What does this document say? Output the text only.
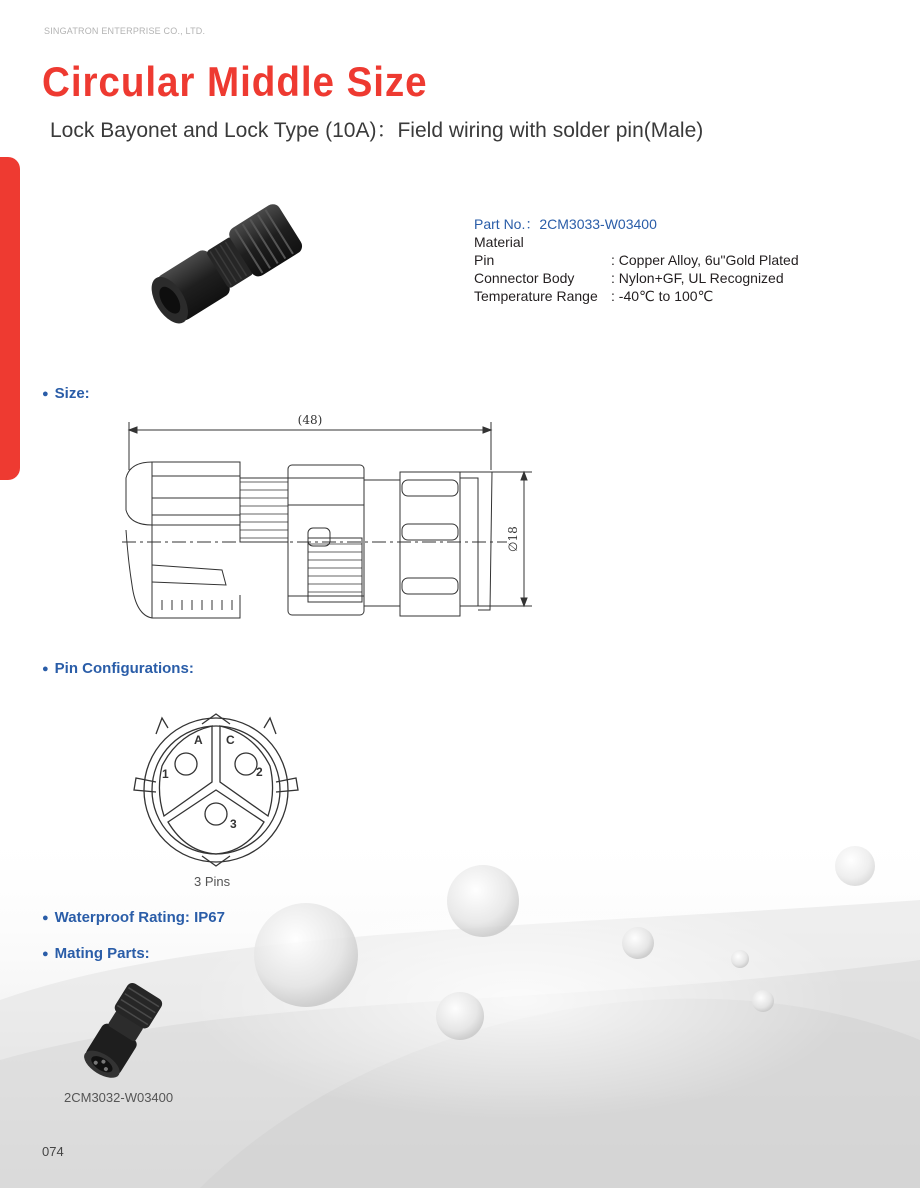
SINGATRON ENTERPRISE CO., LTD.
Circular Middle Size
Lock Bayonet and Lock Type (10A)：Field wiring with solder pin(Male)
Part No.：2CM3033-W03400
Material
Pin	: Copper Alloy, 6u"Gold Plated
Connector Body	: Nylon+GF, UL Recognized
Temperature Range : -40℃ to 100℃
● Size:
(48)
∅18
● Pin Configurations:
A C
1	2
3
3 Pins
● Waterproof Rating: IP67
● Mating Parts:
2CM3032-W03400
074
